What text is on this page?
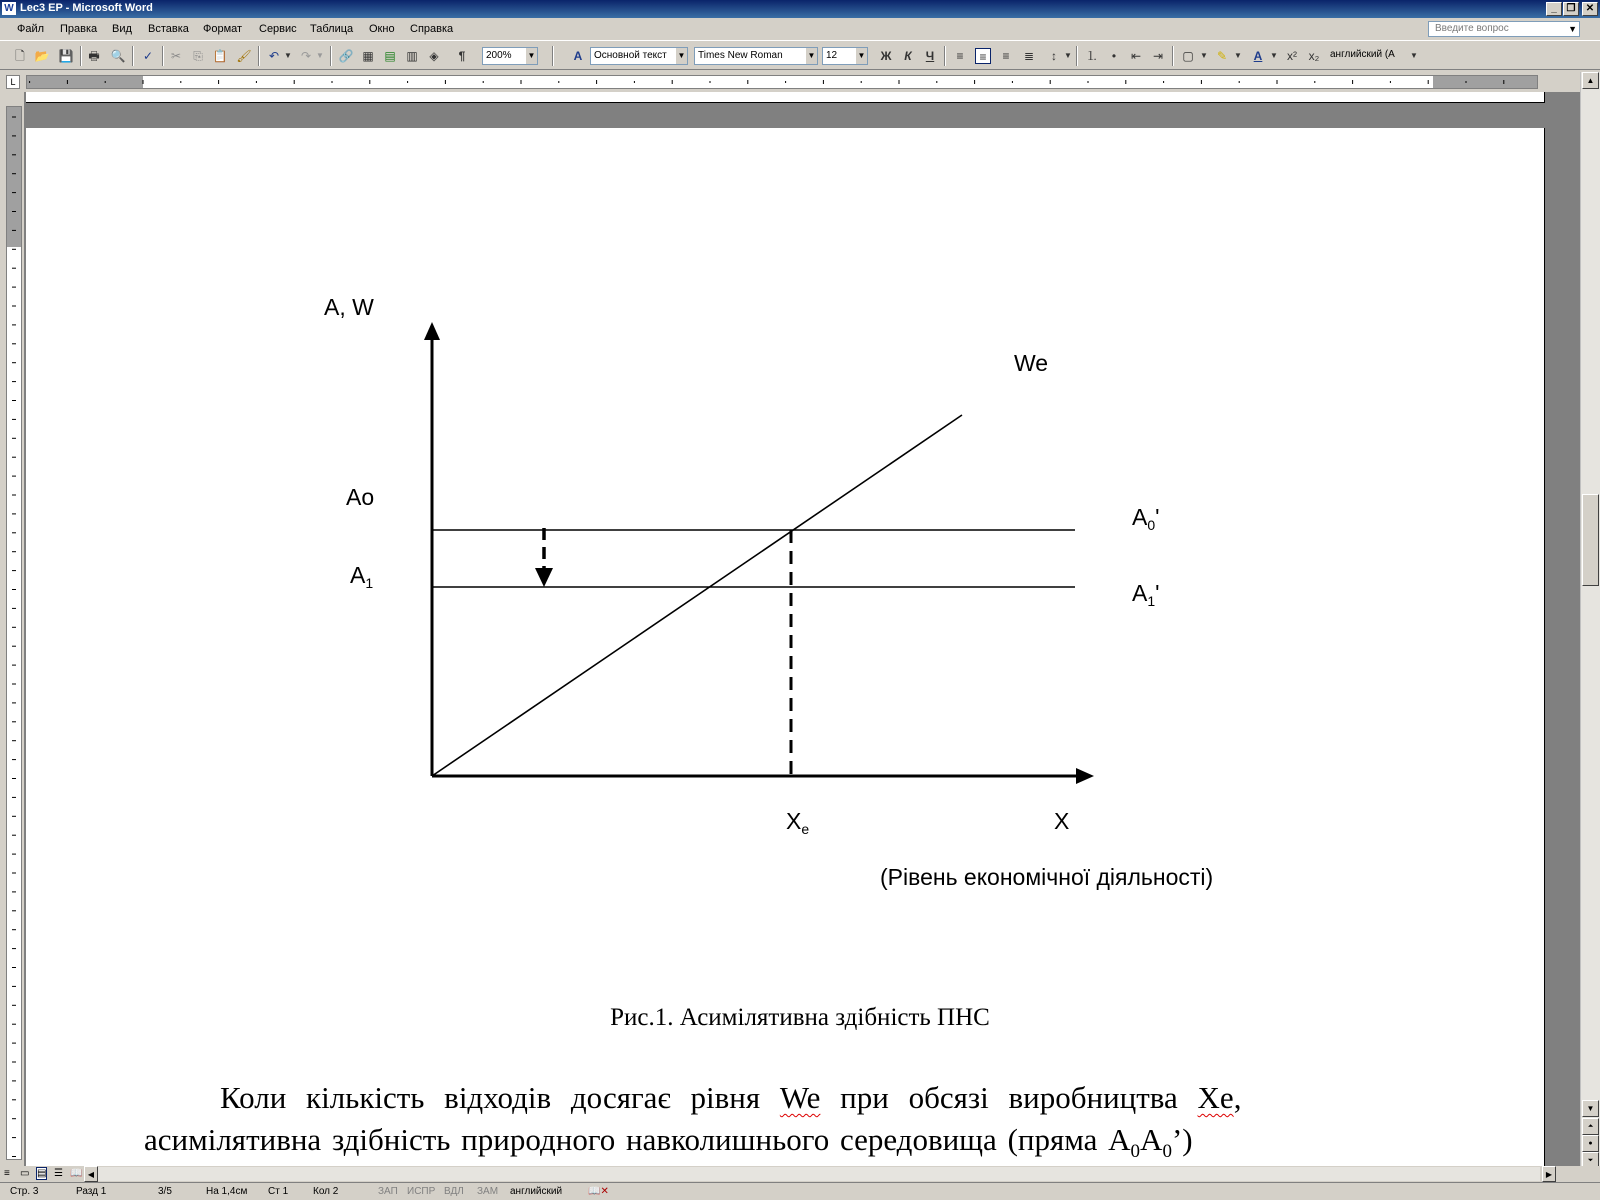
W Lec3 EP - Microsoft Word	_ ❐	✕
Файл Правка Вид Вставка Формат Сервис Таблица Окно Справка	Введите вопрос	▼
🗋 📂 💾 🖶 🔍 ✓ ✂ ⎘ 📋 🖌 ↶ ▼ ↷ ▼	🔗 ▦ ▤ ▥ ◈	¶	200% ▼	A	Основной текст ▼	Times New Roman	▼	12	▼ Ж	К	Ч	≡	≡	≡	≣	↕ ▼	⒈	•	⇤ ⇥ ▢ ▼ ✎ ▼ A ▼ x² x₂ английский (А	▼
L
A, W
We
Ao
$A_1$
$A_0'$
$A_1'$
$X_e$	X
(Рівень економічної діяльності)
Рис.1. Асимілятивна здібність ПНС
Коли кількість відходів досягає рівня We при обсязі виробництва Xe,
асимілятивна здібність природного навколишнього середовища (пряма $A_0A_0$’)
▲
▼
⏶
●
⏷
≡ ▭ ▤ ☰ 📖 ◀	▶
Стр. 3	Разд 1	3/5	На 1,4см Ст 1 Кол 2	ЗАП ИСПР ВДЛ ЗАМ английский	📖✕
